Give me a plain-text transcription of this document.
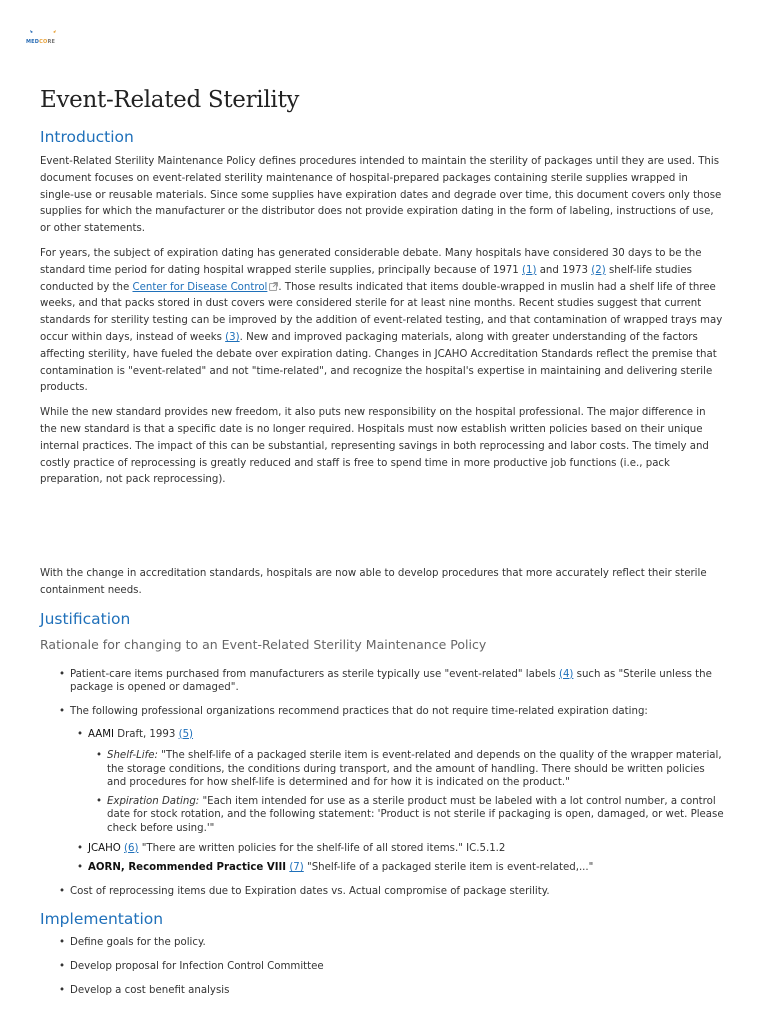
MEDCORE
Event-Related Sterility
Introduction

Event-Related Sterility Maintenance Policy defines procedures intended to maintain the sterility of packages until they are used. This document focuses on event-related sterility maintenance of hospital-prepared packages containing sterile supplies wrapped in single-use or reusable materials. Since some supplies have expiration dates and degrade over time, this document covers only those supplies for which the manufacturer or the distributor does not provide expiration dating in the form of labeling, instructions of use, or other statements.

For years, the subject of expiration dating has generated considerable debate. Many hospitals have considered 30 days to be the standard time period for dating hospital wrapped sterile supplies, principally because of 1971 (1) and 1973 (2) shelf-life studies conducted by the Center for Disease Control . Those results indicated that items double-wrapped in muslin had a shelf life of three weeks, and that packs stored in dust covers were considered sterile for at least nine months. Recent studies suggest that current standards for sterility testing can be improved by the addition of event-related testing, and that contamination of wrapped trays may occur within days, instead of weeks (3). New and improved packaging materials, along with greater understanding of the factors affecting sterility, have fueled the debate over expiration dating. Changes in JCAHO Accreditation Standards reflect the premise that contamination is "event-related" and not "time-related", and recognize the hospital's expertise in maintaining and delivering sterile products.

While the new standard provides new freedom, it also puts new responsibility on the hospital professional. The major difference in the new standard is that a specific date is no longer required. Hospitals must now establish written policies based on their unique internal practices. The impact of this can be substantial, representing savings in both reprocessing and labor costs. The timely and costly practice of reprocessing is greatly reduced and staff is free to spend time in more productive job functions (i.e., pack preparation, not pack reprocessing).

With the change in accreditation standards, hospitals are now able to develop procedures that more accurately reflect their sterile containment needs.

Justification
Rationale for changing to an Event-Related Sterility Maintenance Policy
• Patient-care items purchased from manufacturers as sterile typically use "event-related" labels (4) such as "Sterile unless the package is opened or damaged".
• The following professional organizations recommend practices that do not require time-related expiration dating:
• AAMI Draft, 1993 (5)
• Shelf-Life: "The shelf-life of a packaged sterile item is event-related and depends on the quality of the wrapper material, the storage conditions, the conditions during transport, and the amount of handling. There should be written policies and procedures for how shelf-life is determined and for how it is indicated on the product."
• Expiration Dating: "Each item intended for use as a sterile product must be labeled with a lot control number, a control date for stock rotation, and the following statement: 'Product is not sterile if packaging is open, damaged, or wet. Please check before using.'"
• JCAHO (6) "There are written policies for the shelf-life of all stored items." IC.5.1.2
• AORN, Recommended Practice VIII (7) "Shelf-life of a packaged sterile item is event-related,..."
• Cost of reprocessing items due to Expiration dates vs. Actual compromise of package sterility.
Implementation
• Define goals for the policy.
• Develop proposal for Infection Control Committee
• Develop a cost benefit analysis
